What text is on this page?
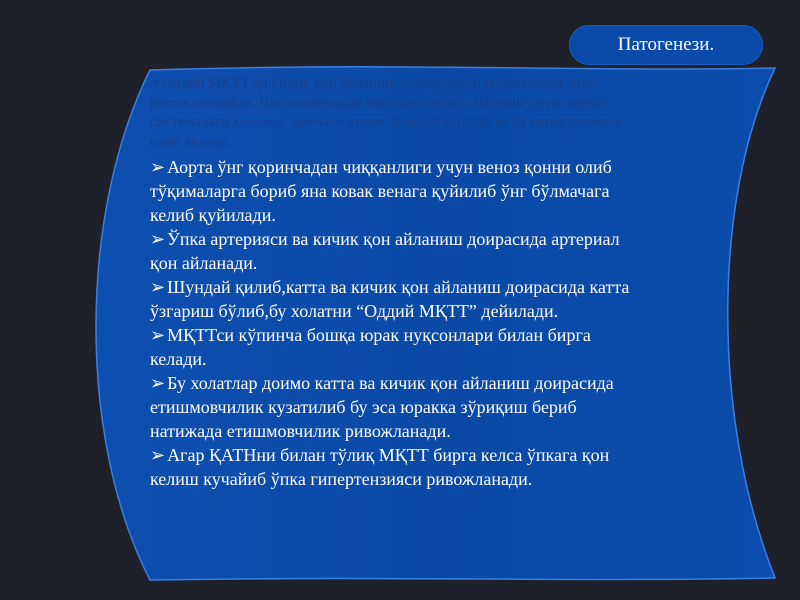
Патогенези.

➢Оддий МҚТТ да кичик қон айланиш доирасидаги гипертензия эрта ривожланмайди. Чап қоринчадан чиқ қан аортага. Шунинг учун аортал системадаги қоннинг ҳаммаси кичик доирага тушади ва бу гипертензияга олиб келади.

➢ Аорта ўнг қоринчадан чиққанлиги учун веноз қонни олиб тўқималарга бориб яна ковак венага қуйилиб ўнг бўлмачага келиб қуйилади.

➢ Ўпка артерияси ва кичик қон айланиш доирасида артериал қон айланади.

➢ Шундай қилиб,катта ва кичик қон айланиш доирасида катта ўзгариш бўлиб,бу холатни “Оддий МҚТТ” дейилади.

➢ МҚТТси кўпинча бошқа юрак нуқсонлари билан бирга келади.

➢ Бу холатлар доимо катта ва кичик қон айланиш доирасида етишмовчилик кузатилиб бу эса юракка зўриқиш бериб натижада етишмовчилик ривожланади.

➢ Агар ҚАТНни билан тўлиқ МҚТТ бирга келса ўпкага қон келиш кучайиб ўпка гипертензияси ривожланади.
